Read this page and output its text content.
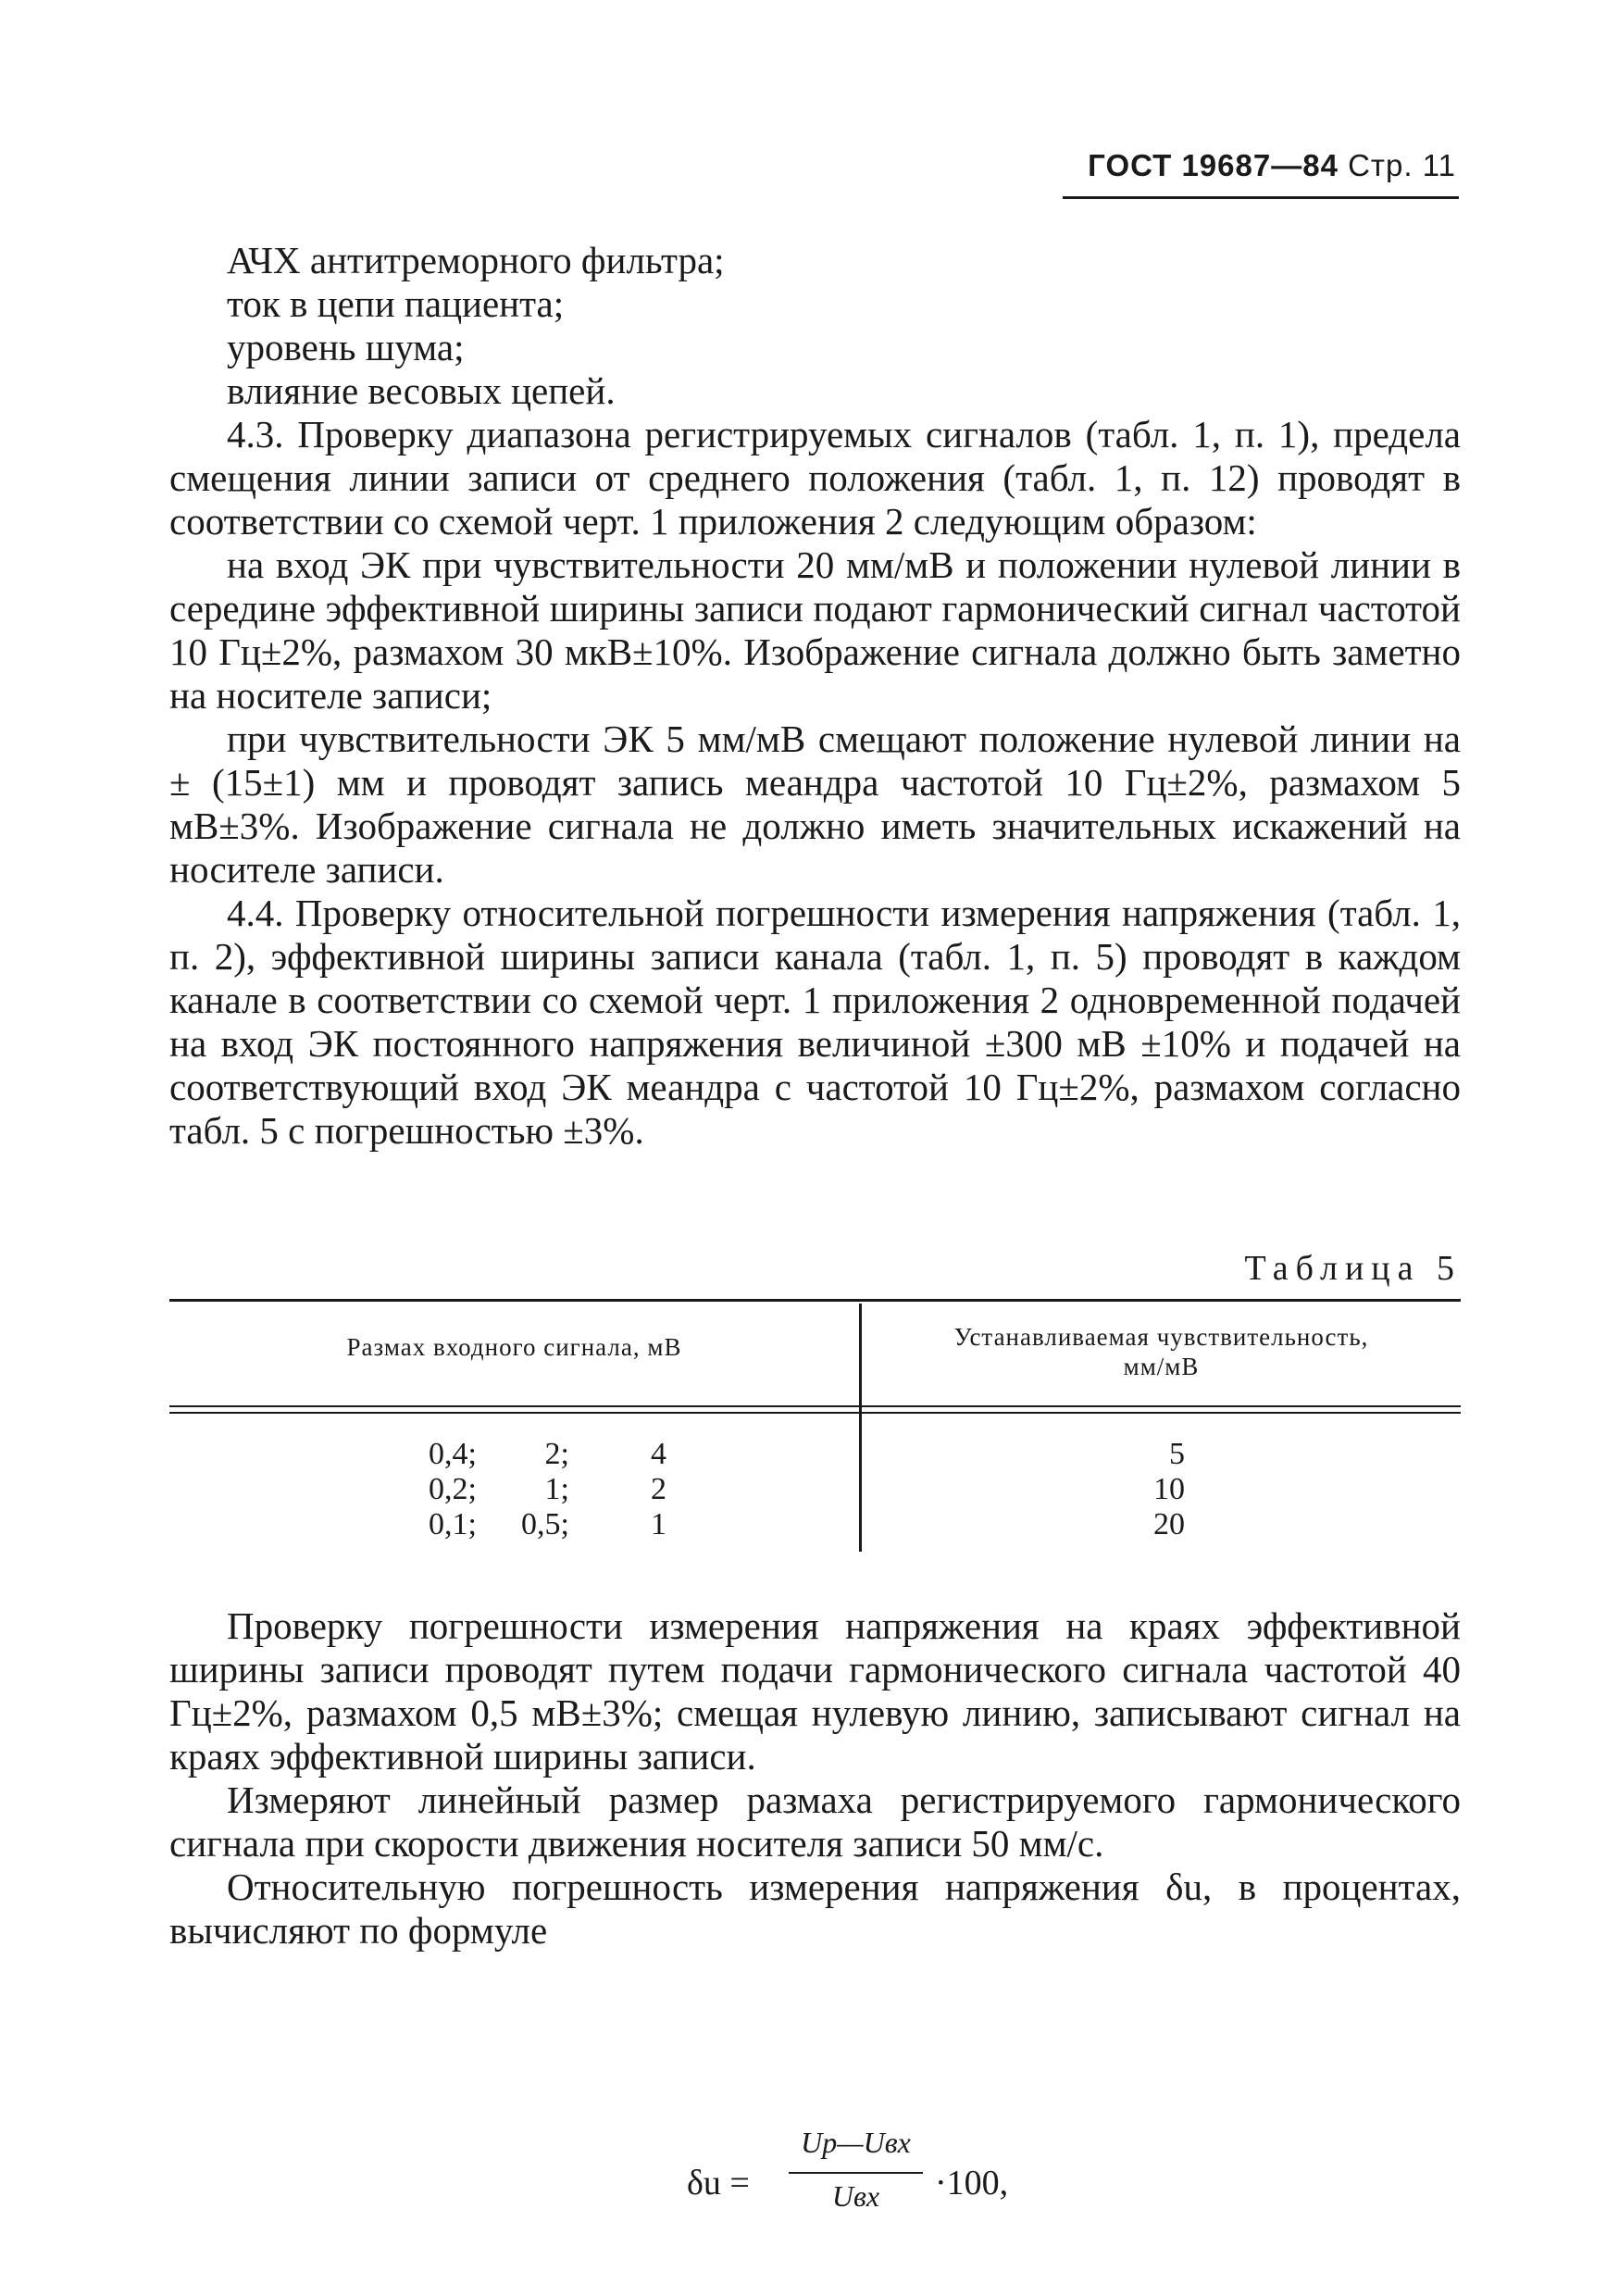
ГОСТ 19687—84 Стр. 11

АЧХ антитреморного фильтра;

ток в цепи пациента;

уровень шума;

влияние весовых цепей.

4.3. Проверку диапазона регистрируемых сигналов (табл. 1, п. 1), предела смещения линии записи от среднего положения (табл. 1, п. 12) проводят в соответствии со схемой черт. 1 приложения 2 следующим образом:

на вход ЭК при чувствительности 20 мм/мВ и положении нулевой линии в середине эффективной ширины записи подают гармонический сигнал частотой 10 Гц±2%, размахом 30 мкВ±10%. Изображение сигнала должно быть заметно на носителе записи;

при чувствительности ЭК 5 мм/мВ смещают положение нулевой линии на ± (15±1) мм и проводят запись меандра частотой 10 Гц±2%, размахом 5 мВ±3%. Изображение сигнала не должно иметь значительных искажений на носителе записи.

4.4. Проверку относительной погрешности измерения напряжения (табл. 1, п. 2), эффективной ширины записи канала (табл. 1, п. 5) проводят в каждом канале в соответствии со схемой черт. 1 приложения 2 одновременной подачей на вход ЭК постоянного напряжения величиной ±300 мВ ±10% и подачей на соответствующий вход ЭК меандра с частотой 10 Гц±2%, размахом согласно табл. 5 с погрешностью ±3%.

Таблица 5
Размах входного сигнала, мВ	Устанавливаемая чувствительность,
мм/мВ
0,4; 2;	4	5
0,2; 1;	2	10
0,1; 0,5;	1	20

Проверку погрешности измерения напряжения на краях эффективной ширины записи проводят путем подачи гармонического сигнала частотой 40 Гц±2%, размахом 0,5 мВ±3%; смещая нулевую линию, записывают сигнал на краях эффективной ширины записи.

Измеряют линейный размер размаха регистрируемого гармонического сигнала при скорости движения носителя записи 50 мм/с.

Относительную погрешность измерения напряжения δu, в процентах, вычисляют по формуле

δu =
Uр—Uвх
Uвх	·100,
